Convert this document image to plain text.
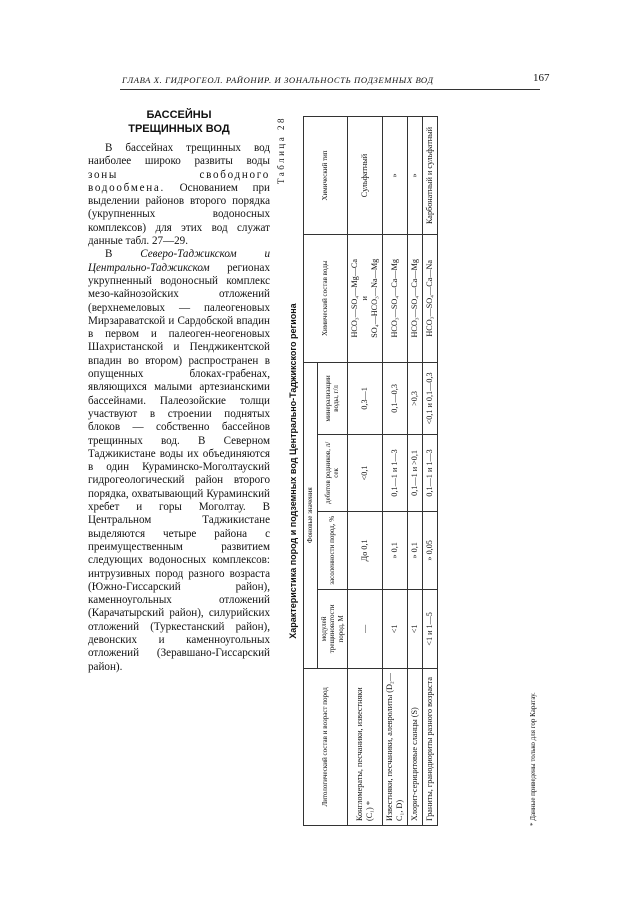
ГЛАВА X. ГИДРОГЕОЛ. РАЙОНИР. И ЗОНАЛЬНОСТЬ ПОДЗЕМНЫХ ВОД	167
БАССЕЙНЫ
ТРЕЩИННЫХ ВОД

В бассейнах трещинных вод наиболее широко развиты воды зоны свободного водообмена. Основанием при выделении районов второго порядка (укрупненных водоносных комплексов) для этих вод служат данные табл. 27—29.

В Северо-Таджикском и Центрально-Таджикском регионах укрупненный водоносный комплекс мезо-кайнозойских отложений (верхнемеловых — палеогеновых Мирзараватской и Сардобской впадин в первом и палеоген-неогеновых Шахристанской и Пенджикентской впадин во втором) распространен в опущенных блоках-грабенах, являющихся малыми артезианскими бассейнами. Палеозойские толщи участвуют в строении поднятых блоков — собственно бассейнов трещинных вод. В Северном Таджикистане воды их объединяются в один Кураминско-Моголтауский гидрогеологический район второго порядка, охватывающий Кураминский хребет и горы Моголтау. В Центральном Таджикистане выделяются четыре района с преимущественным развитием следующих водоносных комплексов: интрузивных пород разного возраста (Южно-Гиссарский район), каменноугольных отложений (Карачатырский район), силурийских отложений (Туркестанский район), девонских и каменноугольных отложений (Зеравшано-Гиссарский район).

Таблица 28
Характеристика пород и подземных вод Центрально-Таджикского региона
Литологический состав и возраст пород	Фоновые значения				Химический состав воды	Химический тип
	модулей трещиноватости пород, М	засоленности пород, %	дебитов родников, л/сек	минерализации воды, г/л		
Конгломераты, песчаники, известняки (C₁) *	—	До 0,1	<0,1	0,3—1	HCO₃—SO₄—Mg—Ca
и
SO₄—HCO₃—Na—Mg	Сульфатный
Известняки, песчаники, алевролиты (D₂—C₁, D)	<1	» 0,1	0,1—1 и 1—3	0,1—0,3	HCO₃—SO₄—Ca—Mg	»
Хлорит-серицитовые сланцы (S)	<1	» 0,1	0,1—1 и >0,1	>0,3	HCO₃—SO₄—Ca—Mg	»
Граниты, гранодиориты разного возраста	<1 и 1—5	» 0,05	0,1—1 и 1—3	<0,1 и 0,1—0,3	HCO₃—SO₄—Ca—Na	Карбонатный и сульфатный
* Данные приведены только для гор Каратау.
